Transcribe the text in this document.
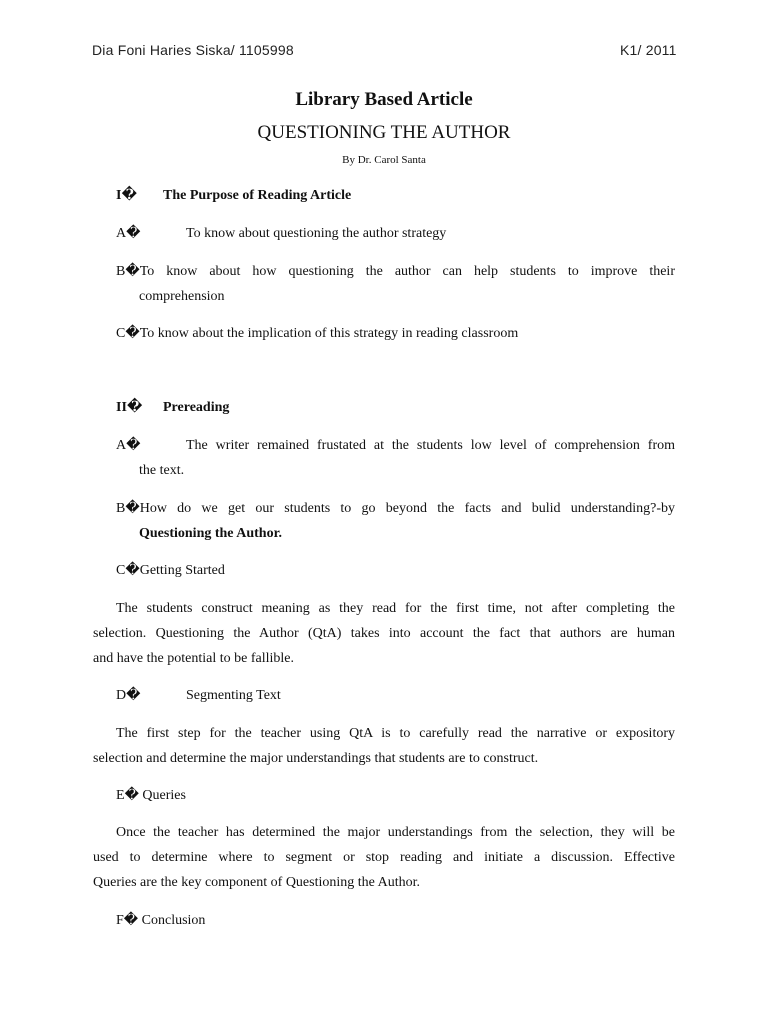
Dia Foni Haries Siska/ 1105998	K1/ 2011
Library Based Article
QUESTIONING THE AUTHOR
By Dr. Carol Santa
I� The Purpose of Reading Article
A�	To know about questioning the author strategy
B�To know about how questioning the author can help students to improve their
comprehension
C�To know about the implication of this strategy in reading classroom
II� Prereading
A�	The writer remained frustated at the students low level of comprehension from
the text.
B�How do we get our students to go beyond the facts and bulid understanding?-by
Questioning the Author.
C�Getting Started
The students construct meaning as they read for the first time, not after completing the
selection. Questioning the Author (QtA) takes into account the fact that authors are human
and have the potential to be fallible.
D�	Segmenting Text
The first step for the teacher using QtA is to carefully read the narrative or expository
selection and determine the major understandings that students are to construct.
E� Queries
Once the teacher has determined the major understandings from the selection, they will be
used to determine where to segment or stop reading and initiate a discussion. Effective
Queries are the key component of Questioning the Author.
F� Conclusion
